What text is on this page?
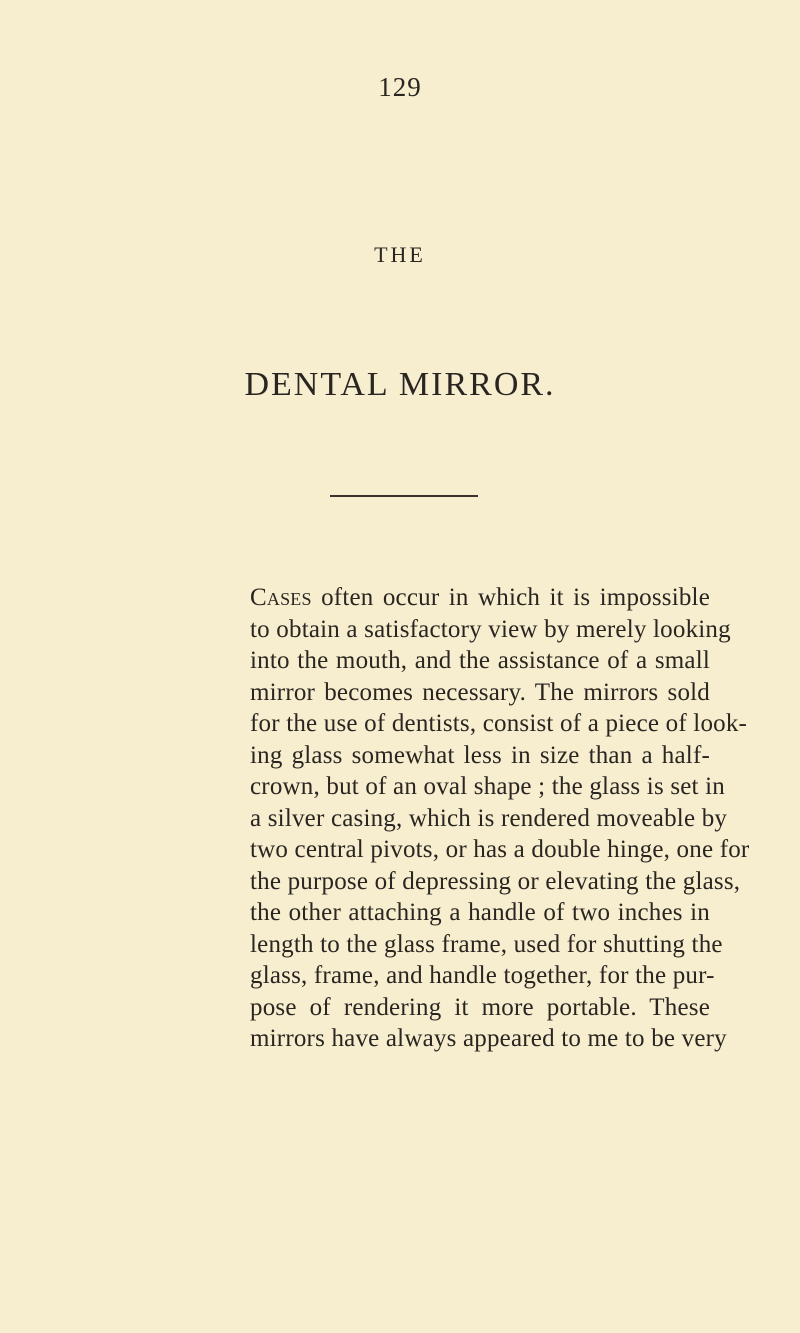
129
THE
DENTAL MIRROR.
Cases often occur in which it is impossible
to obtain a satisfactory view by merely looking
into the mouth, and the assistance of a small
mirror becomes necessary. The mirrors sold
for the use of dentists, consist of a piece of look-
ing glass somewhat less in size than a half-
crown, but of an oval shape ; the glass is set in
a silver casing, which is rendered moveable by
two central pivots, or has a double hinge, one for
the purpose of depressing or elevating the glass,
the other attaching a handle of two inches in
length to the glass frame, used for shutting the
glass, frame, and handle together, for the pur-
pose of rendering it more portable. These
mirrors have always appeared to me to be very
